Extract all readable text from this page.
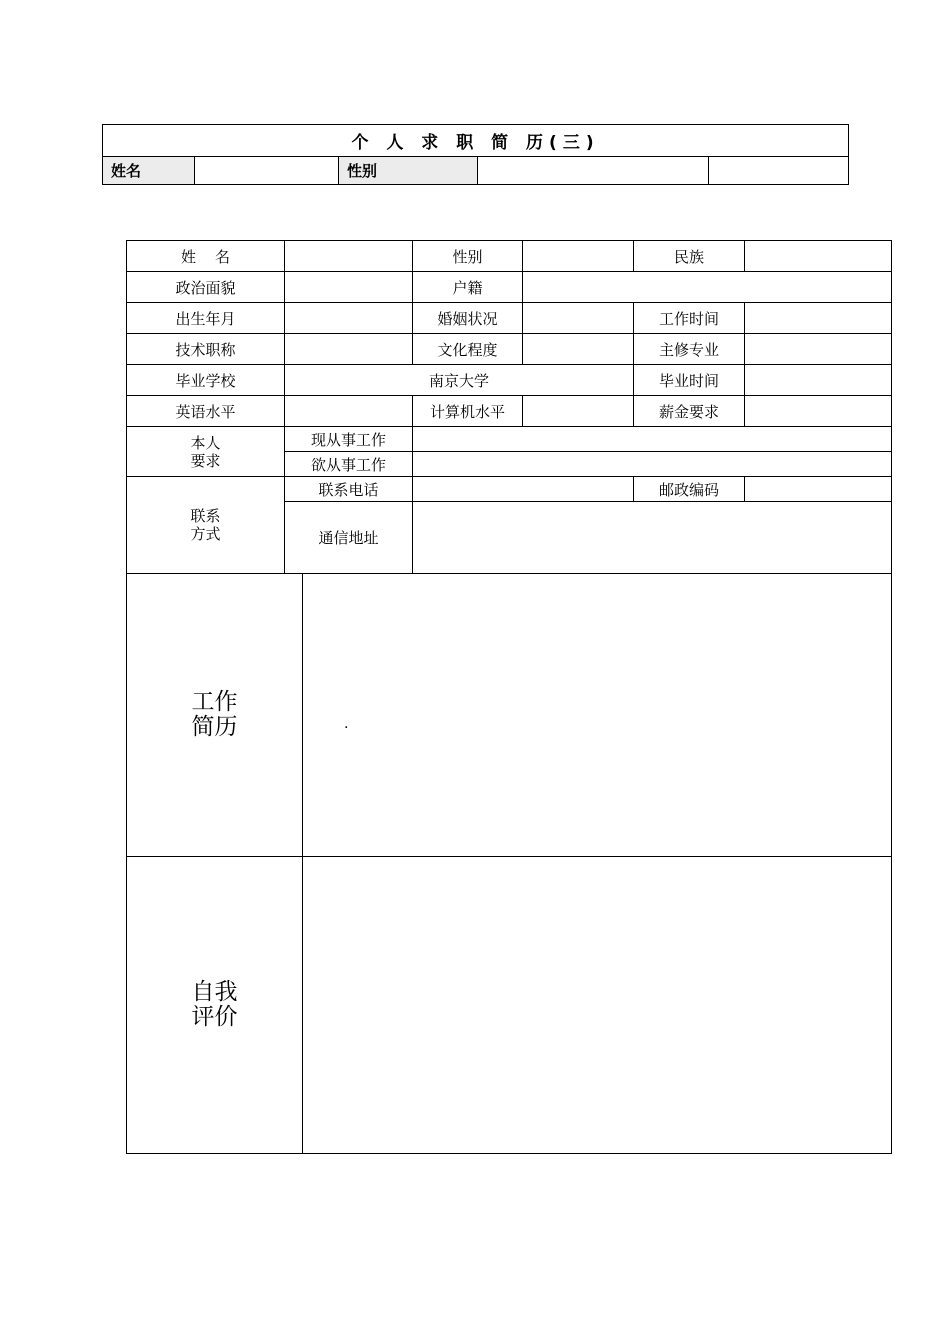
个 人 求 职 简 历(三)
姓名		性别		
姓    名			性别		民族	
政治面貌			户籍			
出生年月			婚姻状况		工作时间	
技术职称			文化程度		主修专业	
毕业学校	南京大学				毕业时间	
英语水平			计算机水平		薪金要求	
本人
要求	现从事工作					
	欲从事工作					
联系
方式	联系电话				邮政编码	
	通信地址					
工作
简历						
自我
评价						
.
